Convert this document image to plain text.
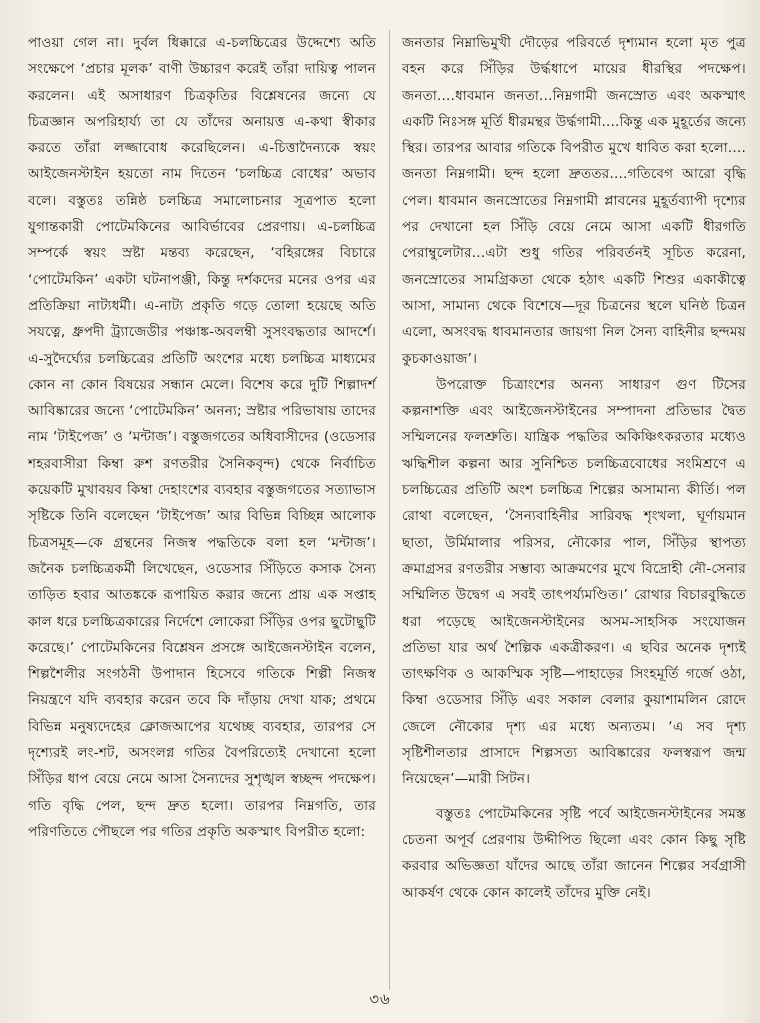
পাওয়া গেল না। দুর্বল ধিক্কারে এ-চলচ্চিত্রের উদ্দেশ্যে অতি সংক্ষেপে ‘প্রচার মূলক’ বাণী উচ্চারণ করেই তাঁরা দায়িত্ব পালন করলেন। এই অসাধারণ চিত্রকৃতির বিশ্লেষনের জন্যে যে চিত্রজ্ঞান অপরিহার্য্য তা যে তাঁদের অনায়ত্ত এ-কথা স্বীকার করতে তাঁরা লজ্জাবোধ করেছিলেন। এ-চিত্তাদৈন্যকে স্বয়ং আইজেনস্টাইন হয়তো নাম দিতেন ‘চলচ্চিত্র বোধের’ অভাব বলে। বস্তুতঃ তন্নিষ্ঠ চলচ্চিত্র সমালোচনার সূত্রপাত হলো যুগান্তকারী পোটেমকিনের আবির্ভাবের প্রেরণায়। এ-চলচ্চিত্র সম্পর্কে স্বয়ং স্রষ্টা মন্তব্য করেছেন, ‘বহিরঙ্গের বিচারে ‘পোটেমকিন’ একটা ঘটনাপঞ্জী, কিন্তু দর্শকদের মনের ওপর এর প্রতিক্রিয়া নাট্যধর্মী। এ-নাট্য প্রকৃতি গড়ে তোলা হয়েছে অতি সযত্নে, ধ্রুপদী ট্র্যাজেডীর পঞ্চাঙ্ক-অবলম্বী সুসংবদ্ধতার আদর্শে। এ-সুদৈর্ঘ্যের চলচ্চিত্রের প্রতিটি অংশের মধ্যে চলচ্চিত্র মাধ্যমের কোন না কোন বিষয়ের সন্ধান মেলে। বিশেষ করে দুটি শিল্পাদর্শ আবিষ্কারের জন্যে ‘পোটেমকিন’ অনন্য; স্রষ্টার পরিভাষায় তাদের নাম ‘টাইপেজ’ ও ‘মন্টাজ’। বস্তুজগতের অধিবাসীদের (ওডেসার শহরবাসীরা কিম্বা রুশ রণতরীর সৈনিকবৃন্দ) থেকে নির্বাচিত কয়েকটি মুখাবয়ব কিম্বা দেহাংশের ব্যবহার বস্তুজগতের সত্যাভাস সৃষ্টিকে তিনি বলেছেন ‘টাইপেজ’ আর বিভিন্ন বিচ্ছিন্ন আলোক চিত্রসমূহ—কে গ্রন্থনের নিজস্ব পদ্ধতিকে বলা হল ‘মন্টাজ’। জনৈক চলচ্চিত্রকর্মী লিখেছেন, ওডেসার সিঁড়িতে কসাক সৈন্য তাড়িত হবার আতঙ্ককে রূপায়িত করার জন্যে প্রায় এক সপ্তাহ কাল ধরে চলচ্চিত্রকারের নির্দেশে লোকেরা সিঁড়ির ওপর ছুটোছুটি করেছে।’ পোটেমকিনের বিশ্লেষন প্রসঙ্গে আইজেনস্টাইন বলেন, শিল্পশৈলীর সংগঠনী উপাদান হিসেবে গতিকে শিল্পী নিজস্ব নিয়ন্ত্রণে যদি ব্যবহার করেন তবে কি দাঁড়ায় দেখা যাক; প্রথমে বিভিন্ন মনুষ্যদেহের ক্লোজআপের যথেচ্ছ ব্যবহার, তারপর সে দৃশ্যেরই লং-শট, অসংলগ্ন গতির বৈপরিত্যেই দেখানো হলো সিঁড়ির ধাপ বেয়ে নেমে আসা সৈন্যদের সুশৃঙ্খল স্বচ্ছন্দ পদক্ষেপ। গতি বৃদ্ধি পেল, ছন্দ দ্রুত হলো। তারপর নিম্নগতি, তার পরিণতিতে পৌছলে পর গতির প্রকৃতি অকস্মাৎ বিপরীত হলো:

জনতার নিম্নাভিমুখী দৌড়ের পরিবর্তে দৃশ্যমান হলো মৃত পুত্র বহন করে সিঁড়ির উর্দ্ধধাপে মায়ের ধীরস্থির পদক্ষেপ। জনতা....ধাবমান জনতা...নিম্নগামী জনস্রোত এবং অকস্মাৎ একটি নিঃসঙ্গ মূর্তি ধীরমন্থর উর্দ্ধগামী....কিন্তু এক মুহূর্তের জন্যে স্থির। তারপর আবার গতিকে বিপরীত মুখে ধাবিত করা হলো.... জনতা নিম্নগামী। ছন্দ হলো দ্রুততর....গতিবেগ আরো বৃদ্ধি পেল। ধাবমান জনস্রোতের নিম্নগামী প্লাবনের মুহূর্তব্যাপী দৃশ্যের পর দেখানো হল সিঁড়ি বেয়ে নেমে আসা একটি ধীরগতি পেরাম্বুলেটার...এটা শুধু গতির পরিবর্তনই সূচিত করেনা, জনস্রোতের সামগ্রিকতা থেকে হঠাৎ একটি শিশুর একাকীত্বে আসা, সামান্য থেকে বিশেষে—দূর চিত্রনের স্থলে ঘনিষ্ঠ চিত্রন এলো, অসংবদ্ধ ধাবমানতার জায়গা নিল সৈন্য বাহিনীর ছন্দময় কুচকাওয়াজ’।

উপরোক্ত চিত্রাংশের অনন্য সাধারণ গুণ টিসের কল্পনাশক্তি এবং আইজেনস্টাইনের সম্পাদনা প্রতিভার দ্বৈত সম্মিলনের ফলশ্রুতি। যান্ত্রিক পদ্ধতির অকিঞ্চিৎকরতার মধ্যেও ঋদ্ধিশীল কল্পনা আর সুনিশ্চিত চলচ্চিত্রবোধের সংমিশ্রণে এ চলচ্চিত্রের প্রতিটি অংশ চলচ্চিত্র শিল্পের অসামান্য কীর্তি। পল রোথা বলেছেন, ‘সৈন্যবাহিনীর সারিবদ্ধ শৃংখলা, ঘূর্ণায়মান ছাতা, উর্মিমালার পরিসর, নৌকোর পাল, সিঁড়ির স্থাপত্য ক্রমাগ্রসর রণতরীর সম্ভাব্য আক্রমণের মুখে বিদ্রোহী নৌ-সেনার সম্মিলিত উদ্বেগ এ সবই তাৎপর্য্যমণ্ডিত।’ রোথার বিচারবুদ্ধিতে ধরা পড়েছে আইজেনস্টাইনের অসম-সাহসিক সংযোজন প্রতিভা যার অর্থ শৈল্পিক একত্রীকরণ। এ ছবির অনেক দৃশ্যই তাৎক্ষণিক ও আকস্মিক সৃষ্টি—পাহাড়ের সিংহমূর্তি গর্জে ওঠা, কিম্বা ওডেসার সিঁড়ি এবং সকাল বেলার কুয়াশামলিন রোদে জেলে নৌকোর দৃশ্য এর মধ্যে অন্যতম। ‘এ সব দৃশ্য সৃষ্টিশীলতার প্রাসাদে শিল্পসত্য আবিষ্কারের ফলস্বরূপ জন্ম নিয়েছেন’—মারী সিটন।

বস্তুতঃ পোটেমকিনের সৃষ্টি পর্বে আইজেনস্টাইনের সমস্ত চেতনা অপূর্ব প্রেরণায় উদ্দীপিত ছিলো এবং কোন কিছু সৃষ্টি করবার অভিজ্ঞতা যাঁদের আছে তাঁরা জানেন শিল্পের সর্বগ্রাসী আকর্ষণ থেকে কোন কালেই তাঁদের মুক্তি নেই।

৩৬
